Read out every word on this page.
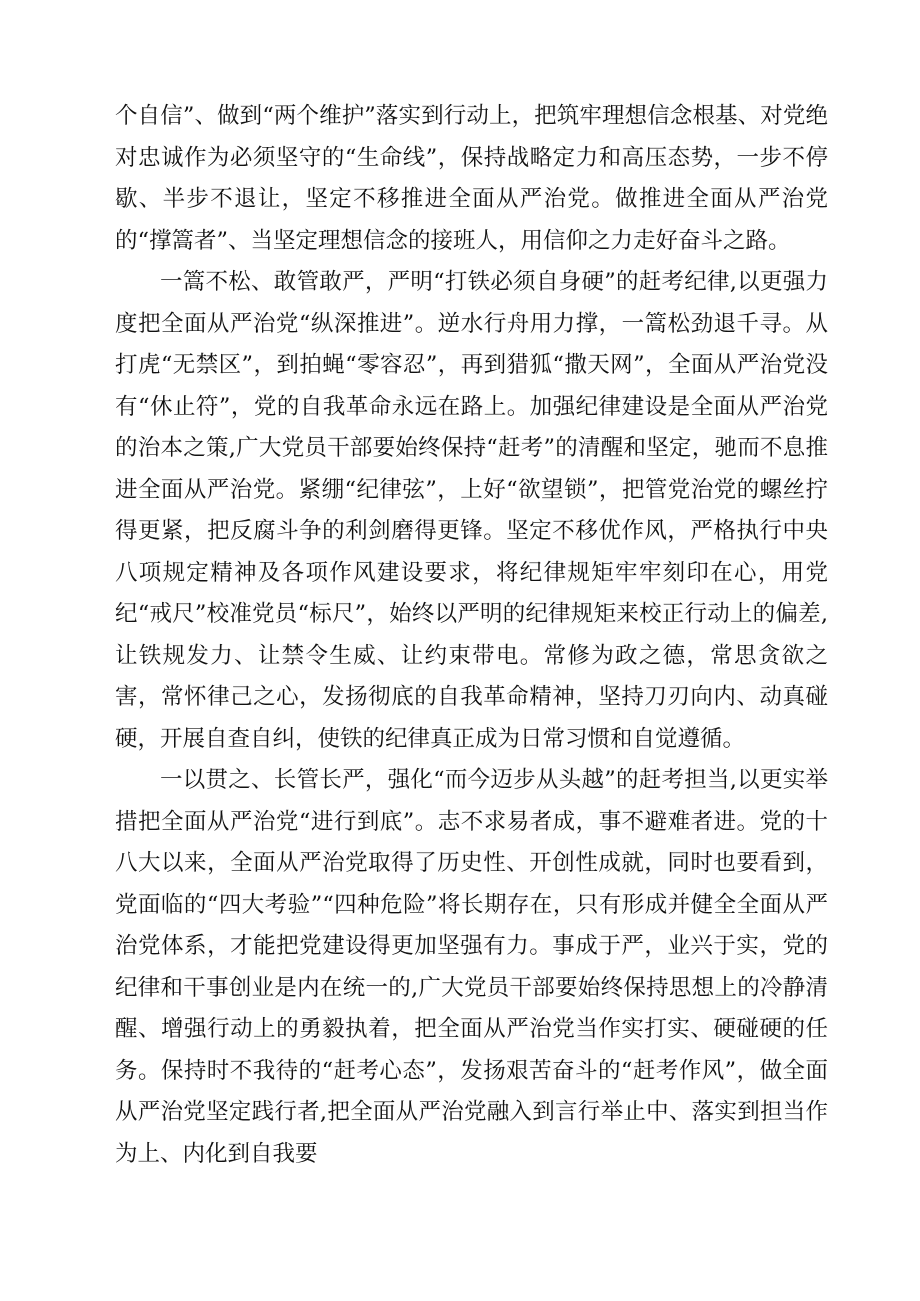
个自信”、做到“两个维护”落实到行动上，把筑牢理想信念根基、对党绝对忠诚作为必须坚守的“生命线”，保持战略定力和高压态势，一步不停歇、半步不退让，坚定不移推进全面从严治党。做推进全面从严治党的“撑篙者”、当坚定理想信念的接班人，用信仰之力走好奋斗之路。

一篙不松、敢管敢严，严明“打铁必须自身硬”的赶考纪律,以更强力度把全面从严治党“纵深推进”。逆水行舟用力撑，一篙松劲退千寻。从打虎“无禁区”，到拍蝇“零容忍”，再到猎狐“撒天网”，全面从严治党没有“休止符”，党的自我革命永远在路上。加强纪律建设是全面从严治党的治本之策,广大党员干部要始终保持“赶考”的清醒和坚定，驰而不息推进全面从严治党。紧绷“纪律弦”，上好“欲望锁”，把管党治党的螺丝拧得更紧，把反腐斗争的利剑磨得更锋。坚定不移优作风，严格执行中央八项规定精神及各项作风建设要求，将纪律规矩牢牢刻印在心，用党纪“戒尺”校准党员“标尺”，始终以严明的纪律规矩来校正行动上的偏差,让铁规发力、让禁令生威、让约束带电。常修为政之德，常思贪欲之害，常怀律己之心，发扬彻底的自我革命精神，坚持刀刃向内、动真碰硬，开展自查自纠，使铁的纪律真正成为日常习惯和自觉遵循。

一以贯之、长管长严，强化“而今迈步从头越”的赶考担当,以更实举措把全面从严治党“进行到底”。志不求易者成，事不避难者进。党的十八大以来，全面从严治党取得了历史性、开创性成就，同时也要看到，党面临的“四大考验”“四种危险”将长期存在，只有形成并健全全面从严治党体系，才能把党建设得更加坚强有力。事成于严，业兴于实，党的纪律和干事创业是内在统一的,广大党员干部要始终保持思想上的冷静清醒、增强行动上的勇毅执着，把全面从严治党当作实打实、硬碰硬的任务。保持时不我待的“赶考心态”，发扬艰苦奋斗的“赶考作风”，做全面从严治党坚定践行者,把全面从严治党融入到言行举止中、落实到担当作为上、内化到自我要
